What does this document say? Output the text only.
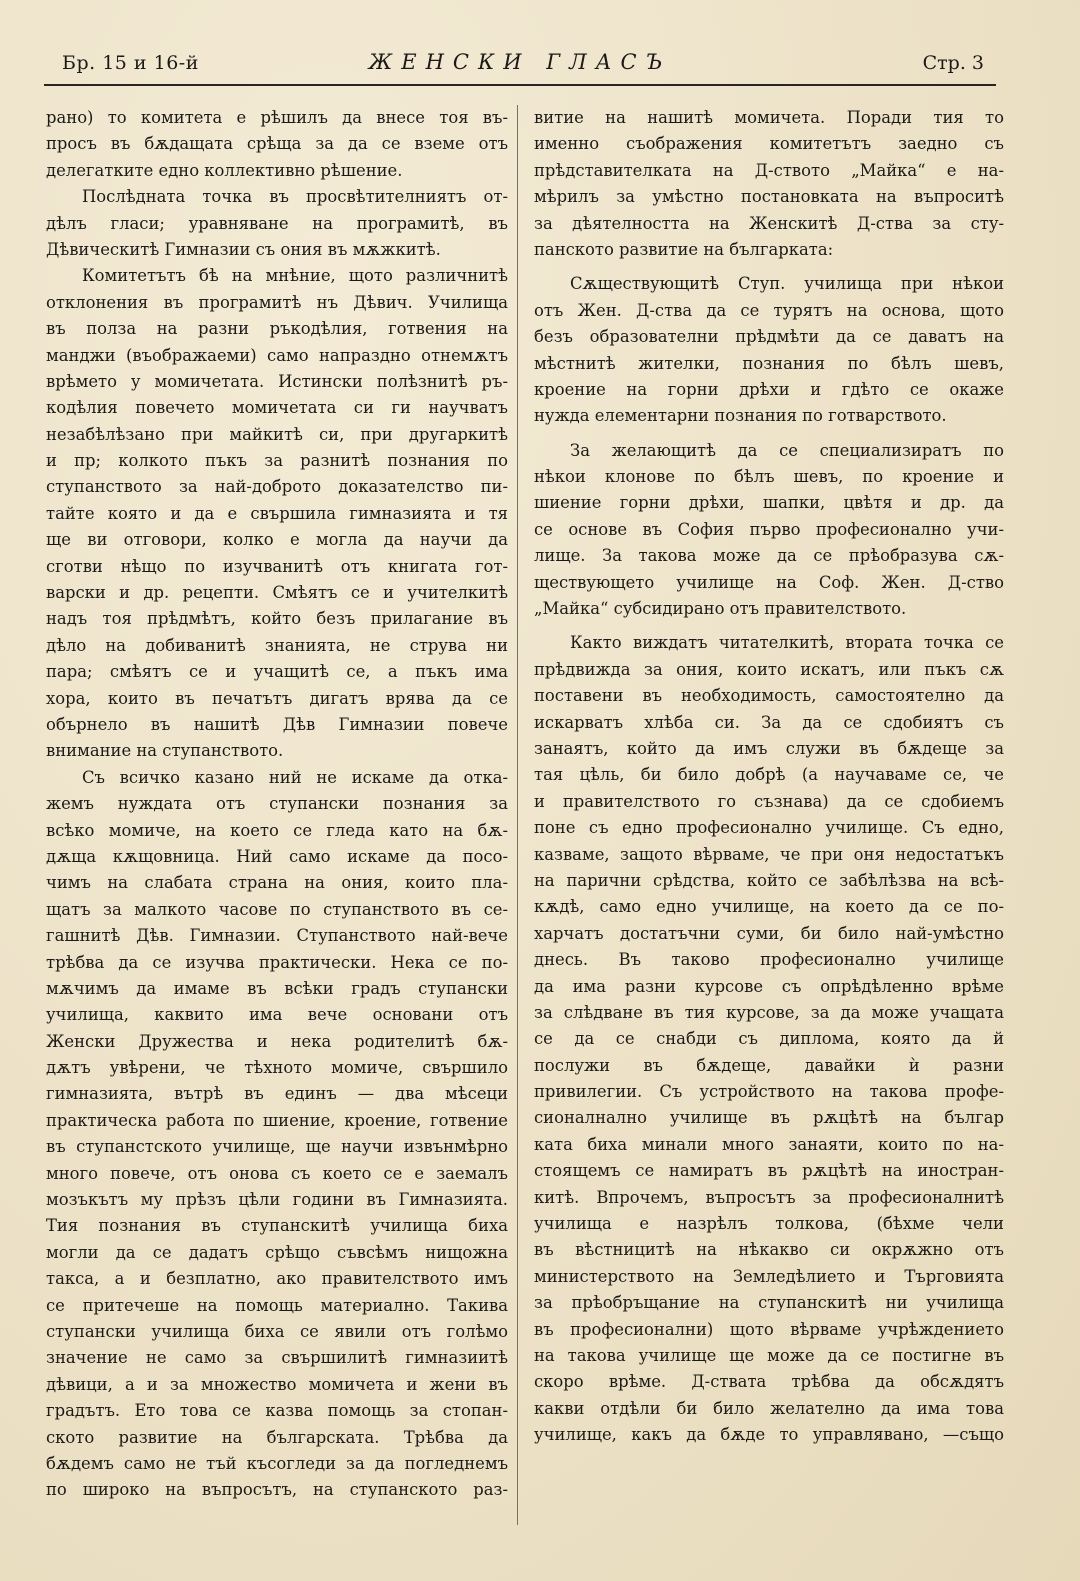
Бр. 15 и 16-й	ЖЕНСКИ ГЛАСЪ	Стр. 3
рано) то комитета е рѣшилъ да внесе тоя въ-
просъ въ бѫдащата срѣща за да се вземе отъ
делегатките едно коллективно рѣшение.
Послѣдната точка въ просвѣтителниятъ от-
дѣлъ гласи; уравняване на програмитѣ, въ
Дѣвическитѣ Гимназии съ ония въ мѫжкитѣ.
Комитетътъ бѣ на мнѣние, щото различнитѣ
отклонения въ програмитѣ нъ Дѣвич. Училища
въ полза на разни ръкодѣлия, готвения на
манджи (въображаеми) само напраздно отнемѫтъ
врѣмето у момичетата. Истински полѣзнитѣ ръ-
кодѣлия повечето момичетата си ги научватъ
незабѣлѣзано при майкитѣ си, при другаркитѣ
и пр; колкото пъкъ за разнитѣ познания по
ступанството за най-доброто доказателство пи-
тайте която и да е свършила гимназията и тя
ще ви отговори, колко е могла да научи да
сготви нѣщо по изучванитѣ отъ книгата гот-
варски и др. рецепти. Смѣятъ се и учителкитѣ
надъ тоя прѣдмѣтъ, който безъ прилагание въ
дѣло на добиванитѣ знанията, не струва ни
пара; смѣятъ се и учащитѣ се, а пъкъ има
хора, които въ печатътъ дигатъ врява да се
обърнело въ нашитѣ Дѣв Гимназии повече
внимание на ступанството.
Съ всичко казано ний не искаме да отка-
жемъ нуждата отъ ступански познания за
всѣко момиче, на което се гледа като на бѫ-
дѫща кѫщовница. Ний само искаме да посо-
чимъ на слабата страна на ония, които пла-
щатъ за малкото часове по ступанството въ се-
гашнитѣ Дѣв. Гимназии. Ступанството най-вече
трѣбва да се изучва практически. Нека се по-
мѫчимъ да имаме въ всѣки градъ ступански
училища, каквито има вече основани отъ
Женски Дружества и нека родителитѣ бѫ-
дѫтъ увѣрени, че тѣхното момиче, свършило
гимназията, вътрѣ въ единъ — два мѣсеци
практическа работа по шиение, кроение, готвение
въ ступанстското училище, ще научи извънмѣрно
много повече, отъ онова съ което се е заемалъ
мозъкътъ му прѣзъ цѣли години въ Гимназията.
Тия познания въ ступанскитѣ училища биха
могли да се дадатъ срѣщо съвсѣмъ нищожна
такса, а и безплатно, ако правителството имъ
се притечеше на помощь материално. Такива
ступански училища биха се явили отъ голѣмо
значение не само за свършилитѣ гимназиитѣ
дѣвици, а и за множество момичета и жени въ
градътъ. Ето това се казва помощь за стопан-
ското развитие на българската. Трѣбва да
бѫдемъ само не тъй късогледи за да погледнемъ
по широко на въпросътъ, на ступанското раз-
витие на нашитѣ момичета. Поради тия то
именно съображения комитетътъ заедно съ
прѣдставителката на Д-ството „Майка“ е на-
мѣрилъ за умѣстно постановката на въпроситѣ
за дѣятелността на Женскитѣ Д-ства за сту-
панското развитие на българката:
Сѫществующитѣ Ступ. училища при нѣкои
отъ Жен. Д-ства да се турятъ на основа, щото
безъ образователни прѣдмѣти да се даватъ на
мѣстнитѣ жителки, познания по бѣлъ шевъ,
кроение на горни дрѣхи и гдѣто се окаже
нужда елементарни познания по готварството.
За желающитѣ да се специализиратъ по
нѣкои клонове по бѣлъ шевъ, по кроение и
шиение горни дрѣхи, шапки, цвѣтя и др. да
се основе въ София първо професионално учи-
лище. За такова може да се прѣобразува сѫ-
ществующето училище на Соф. Жен. Д-ство
„Майка“ субсидирано отъ правителството.
Както виждатъ читателкитѣ, втората точка се
прѣдвижда за ония, които искатъ, или пъкъ сѫ
поставени въ необходимость, самостоятелно да
искарватъ хлѣба си. За да се сдобиятъ съ
занаятъ, който да имъ служи въ бѫдеще за
тая цѣль, би било добрѣ (а научаваме се, че
и правителството го съзнава) да се сдобиемъ
поне съ едно професионално училище. Съ едно,
казваме, защото вѣрваме, че при оня недостатъкъ
на парични срѣдства, който се забѣлѣзва на всѣ-
кѫдѣ, само едно училище, на което да се по-
харчатъ достатъчни суми, би било най-умѣстно
днесь. Въ таково професионално училище
да има разни курсове съ опрѣдѣленно врѣме
за слѣдване въ тия курсове, за да може учащата
се да се снабди съ диплома, която да й
послужи въ бѫдеще, давайки ѝ разни
привилегии. Съ устройството на такова профе-
сионалнално училище въ рѫцѣтѣ на българ
ката биха минали много занаяти, които по на-
стоящемъ се намиратъ въ рѫцѣтѣ на иностран-
китѣ. Впрочемъ, въпросътъ за професионалнитѣ
училища е назрѣлъ толкова, (бѣхме чели
въ вѣстницитѣ на нѣкакво си окрѫжно отъ
министерството на Земледѣлието и Търговията
за прѣобръщание на ступанскитѣ ни училища
въ професионални) щото вѣрваме учрѣждението
на такова училище ще може да се постигне въ
скоро врѣме. Д-ствата трѣбва да обсѫдятъ
какви отдѣли би било желателно да има това
училище, какъ да бѫде то управлявано, —също
